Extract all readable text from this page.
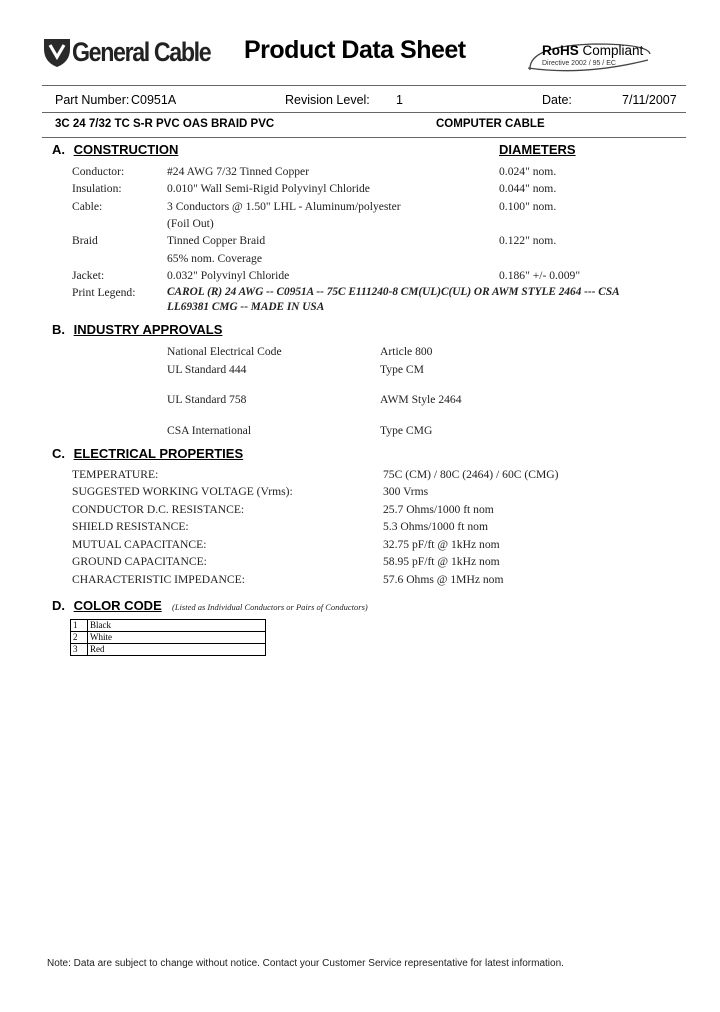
General Cable Product Data Sheet	RoHS Compliant
Directive 2002 / 95 / EC
Part Number: C0951A	Revision Level: 1	Date:	7/11/2007
3C 24 7/32 TC S-R PVC OAS BRAID PVC	COMPUTER CABLE
A. CONSTRUCTION	DIAMETERS
Conductor:	#24 AWG 7/32 Tinned Copper	0.024" nom.
Insulation:	0.010" Wall Semi-Rigid Polyvinyl Chloride	0.044" nom.
Cable:	3 Conductors @ 1.50" LHL - Aluminum/polyester	0.100" nom.
(Foil Out)
Braid	Tinned Copper Braid	0.122" nom.
65% nom. Coverage
Jacket:	0.032" Polyvinyl Chloride	0.186" +/- 0.009"
Print Legend:	CAROL (R) 24 AWG -- C0951A -- 75C E111240-8 CM(UL)C(UL) OR AWM STYLE 2464 --- CSA
LL69381 CMG -- MADE IN USA
B. INDUSTRY APPROVALS
National Electrical Code	Article 800
UL Standard 444	Type CM
UL Standard 758	AWM Style 2464
CSA International	Type CMG
C. ELECTRICAL PROPERTIES
TEMPERATURE:	75C (CM) / 80C (2464) / 60C (CMG)
SUGGESTED WORKING VOLTAGE (Vrms):	300 Vrms
CONDUCTOR D.C. RESISTANCE:	25.7 Ohms/1000 ft nom
SHIELD RESISTANCE:	5.3 Ohms/1000 ft nom
MUTUAL CAPACITANCE:	32.75 pF/ft @ 1kHz nom
GROUND CAPACITANCE:	58.95 pF/ft @ 1kHz nom
CHARACTERISTIC IMPEDANCE:	57.6 Ohms @ 1MHz nom
D. COLOR CODE (Listed as Individual Conductors or Pairs of Conductors)
1	Black
2	White
3	Red
Note: Data are subject to change without notice. Contact your Customer Service representative for latest information.
